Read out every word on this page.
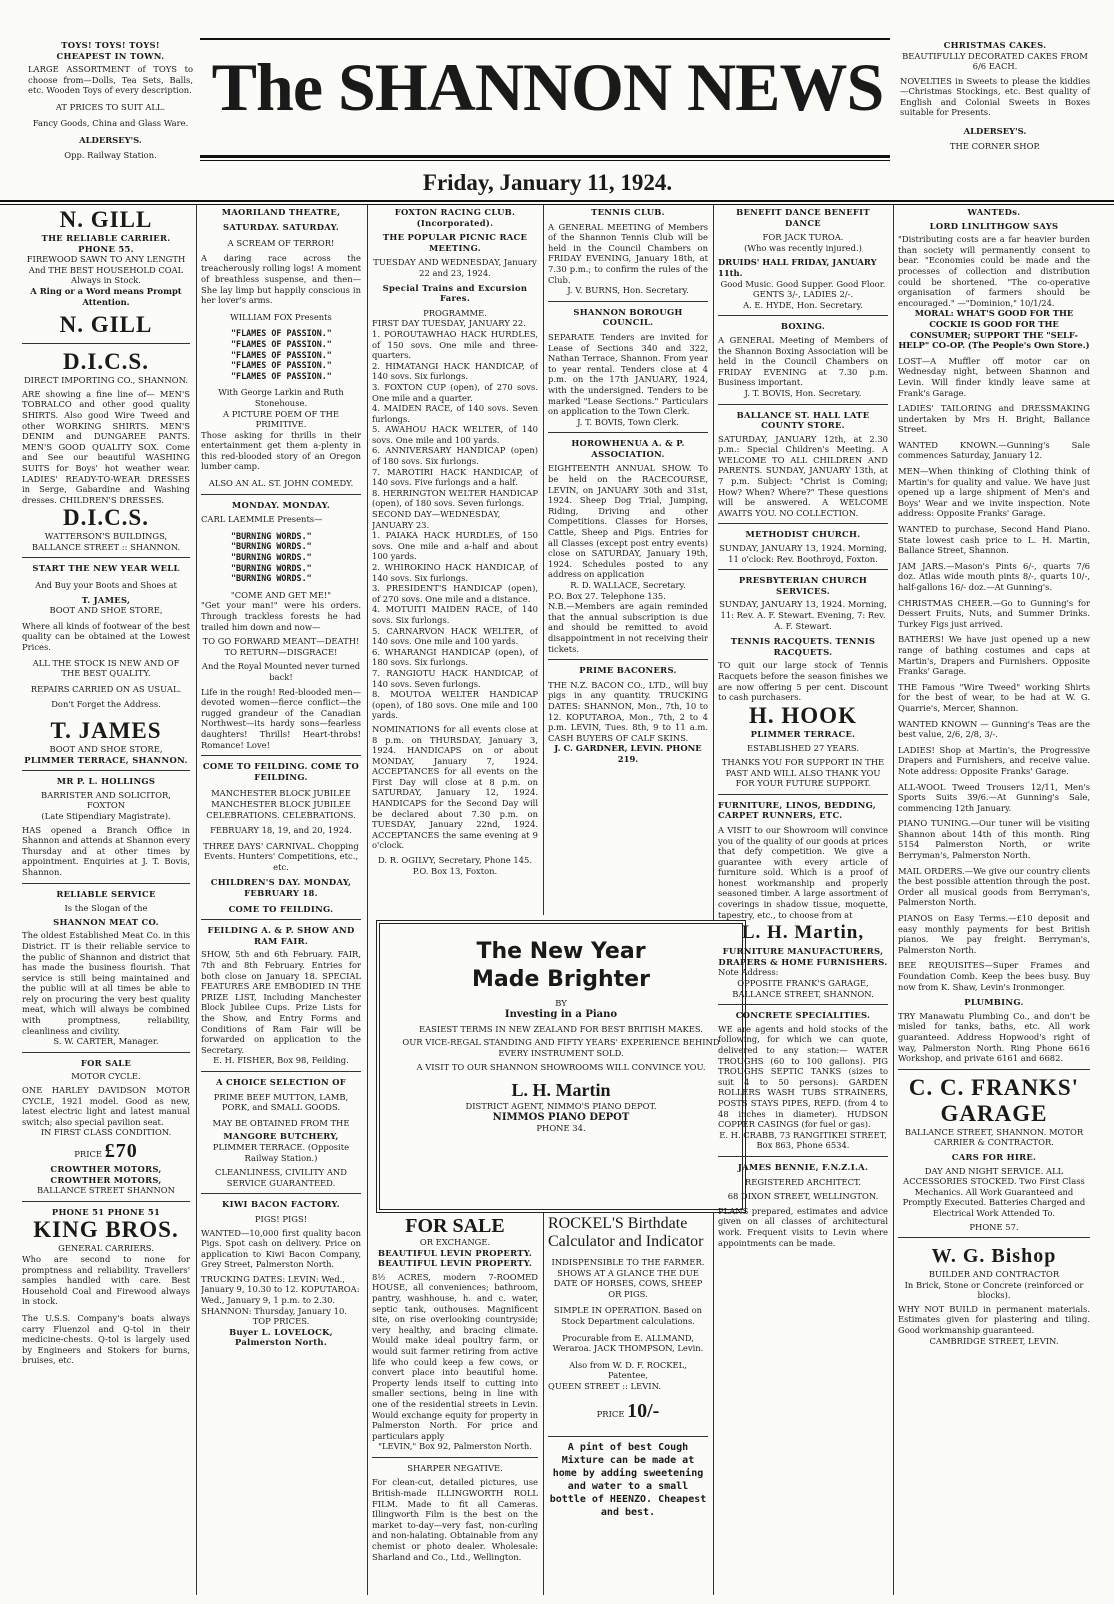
TOYS! TOYS! TOYS!
CHEAPEST IN TOWN.
LARGE ASSORTMENT of TOYS to choose from—Dolls, Tea Sets, Balls, etc. Wooden Toys of every description.
AT PRICES TO SUIT ALL.
Fancy Goods, China and Glass Ware.
ALDERSEY'S.
Opp. Railway Station.
The SHANNON NEWS
Friday, January 11, 1924.
CHRISTMAS CAKES.
BEAUTIFULLY DECORATED CAKES FROM 6/6 EACH.
NOVELTIES in Sweets to please the kiddies—Christmas Stockings, etc. Best quality of English and Colonial Sweets in Boxes suitable for Presents.
ALDERSEY'S.
THE CORNER SHOP.
N. GILL
THE RELIABLE CARRIER.
PHONE 55.
FIREWOOD SAWN TO ANY LENGTH And THE BEST HOUSEHOLD COAL Always in Stock.
A Ring or a Word means Prompt Attention.
N. GILL
D.I.C.S.
DIRECT IMPORTING CO., SHANNON.
ARE showing a fine line of— MEN'S TOBRALCO and other good quality SHIRTS. Also good Wire Tweed and other WORKING SHIRTS. MEN'S DENIM and DUNGAREE PANTS. MEN'S GOOD QUALITY SOX. Come and See our beautiful WASHING SUITS for Boys' hot weather wear. LADIES' READY-TO-WEAR DRESSES in Serge, Gabardine and Washing dresses. CHILDREN'S DRESSES.
D.I.C.S.
WATTERSON'S BUILDINGS, BALLANCE STREET :: SHANNON.
START THE NEW YEAR WELL
And Buy your Boots and Shoes at
T. JAMES,
BOOT AND SHOE STORE,
Where all kinds of footwear of the best quality can be obtained at the Lowest Prices.
ALL THE STOCK IS NEW AND OF THE BEST QUALITY.
REPAIRS CARRIED ON AS USUAL.
Don't Forget the Address.
T. JAMES
BOOT AND SHOE STORE,
PLIMMER TERRACE, SHANNON.
MR P. L. HOLLINGS
BARRISTER AND SOLICITOR, FOXTON
(Late Stipendiary Magistrate).
HAS opened a Branch Office in Shannon and attends at Shannon every Thursday and at other times by appointment. Enquiries at J. T. Bovis, Shannon.
RELIABLE SERVICE
Is the Slogan of the
SHANNON MEAT CO.
The oldest Established Meat Co. in this District. IT is their reliable service to the public of Shannon and district that has made the business flourish. That service is still being maintained and the public will at all times be able to rely on procuring the very best quality meat, which will always be combined with promptness, reliability, cleanliness and civility.
S. W. CARTER, Manager.
FOR SALE
MOTOR CYCLE.
ONE HARLEY DAVIDSON MOTOR CYCLE, 1921 model. Good as new, latest electric light and latest manual switch; also special pavilion seat.
IN FIRST CLASS CONDITION.
PRICE £70
CROWTHER MOTORS,
CROWTHER MOTORS,
BALLANCE STREET SHANNON
PHONE 51 PHONE 51
KING BROS.
GENERAL CARRIERS.
Who are second to none for promptness and reliability. Travellers' samples handled with care. Best Household Coal and Firewood always in stock.
The U.S.S. Company's boats always carry Fluenzol and Q-tol in their medicine-chests. Q-tol is largely used by Engineers and Stokers for burns, bruises, etc.
MAORILAND THEATRE,
SATURDAY. SATURDAY.
A SCREAM OF TERROR!
A daring race across the treacherously rolling logs! A moment of breathless suspense, and then— She lay limp but happily conscious in her lover's arms.
WILLIAM FOX Presents
"FLAMES OF PASSION."
"FLAMES OF PASSION."
"FLAMES OF PASSION."
"FLAMES OF PASSION."
"FLAMES OF PASSION."
With George Larkin and Ruth Stonehouse.
A PICTURE POEM OF THE PRIMITIVE.
Those asking for thrills in their entertainment get them a-plenty in this red-blooded story of an Oregon lumber camp.
ALSO AN AL. ST. JOHN COMEDY.
MONDAY. MONDAY.
CARL LAEMMLE Presents—
"BURNING WORDS."
"BURNING WORDS."
"BURNING WORDS."
"BURNING WORDS."
"BURNING WORDS."
"COME AND GET ME!"
"Get your man!" were his orders. Through trackless forests he had trailed him down and now—
TO GO FORWARD MEANT—DEATH! TO RETURN—DISGRACE!
And the Royal Mounted never turned back!
Life in the rough! Red-blooded men—devoted women—fierce conflict—the rugged grandeur of the Canadian Northwest—its hardy sons—fearless daughters! Thrills! Heart-throbs! Romance! Love!
COME TO FEILDING. COME TO FEILDING.
MANCHESTER BLOCK JUBILEE MANCHESTER BLOCK JUBILEE CELEBRATIONS. CELEBRATIONS.
FEBRUARY 18, 19, and 20, 1924.
THREE DAYS' CARNIVAL. Chopping Events. Hunters' Competitions, etc., etc.
CHILDREN'S DAY. MONDAY, FEBRUARY 18.
COME TO FEILDING.
FEILDING A. & P. SHOW AND RAM FAIR.
SHOW, 5th and 6th February. FAIR, 7th and 8th February. Entries for both close on January 18. SPECIAL FEATURES ARE EMBODIED IN THE PRIZE LIST, Including Manchester Block Jubilee Cups. Prize Lists for the Show, and Entry Forms and Conditions of Ram Fair will be forwarded on application to the Secretary.
E. H. FISHER, Box 98, Feilding.
A CHOICE SELECTION OF
PRIME BEEF MUTTON, LAMB, PORK, and SMALL GOODS.
MAY BE OBTAINED FROM THE
MANGORE BUTCHERY,
PLIMMER TERRACE. (Opposite Railway Station.)
CLEANLINESS, CIVILITY AND SERVICE GUARANTEED.
KIWI BACON FACTORY.
PIGS! PIGS!
WANTED—10,000 first quality bacon Pigs. Spot cash on delivery. Price on application to Kiwi Bacon Company, Grey Street, Palmerston North.
TRUCKING DATES: LEVIN: Wed., January 9, 10.30 to 12. KOPUTAROA: Wed., January 9, 1 p.m. to 2.30. SHANNON: Thursday, January 10.
TOP PRICES.
Buyer L. LOVELOCK, Palmerston North.
FOXTON RACING CLUB. (Incorporated).
THE POPULAR PICNIC RACE MEETING.
TUESDAY AND WEDNESDAY, January 22 and 23, 1924.
Special Trains and Excursion Fares.
PROGRAMME.
FIRST DAY TUESDAY, JANUARY 22.
1. POROUTAWHAO HACK HURDLES, of 150 sovs. One mile and three-quarters.
2. HIMATANGI HACK HANDICAP, of 140 sovs. Six furlongs.
3. FOXTON CUP (open), of 270 sovs. One mile and a quarter.
4. MAIDEN RACE, of 140 sovs. Seven furlongs.
5. AWAHOU HACK WELTER, of 140 sovs. One mile and 100 yards.
6. ANNIVERSARY HANDICAP (open) of 180 sovs. Six furlongs.
7. MAROTIRI HACK HANDICAP, of 140 sovs. Five furlongs and a half.
8. HERRINGTON WELTER HANDICAP (open), of 180 sovs. Seven furlongs.
SECOND DAY—WEDNESDAY, JANUARY 23.
1. PAIAKA HACK HURDLES, of 150 sovs. One mile and a-half and about 100 yards.
2. WHIROKINO HACK HANDICAP, of 140 sovs. Six furlongs.
3. PRESIDENT'S HANDICAP (open), of 270 sovs. One mile and a distance.
4. MOTUITI MAIDEN RACE, of 140 sovs. Six furlongs.
5. CARNARVON HACK WELTER, of 140 sovs. One mile and 100 yards.
6. WHARANGI HANDICAP (open), of 180 sovs. Six furlongs.
7. RANGIOTU HACK HANDICAP, of 140 sovs. Seven furlongs.
8. MOUTOA WELTER HANDICAP (open), of 180 sovs. One mile and 100 yards.
NOMINATIONS for all events close at 8 p.m. on THURSDAY, January 3, 1924. HANDICAPS on or about MONDAY, January 7, 1924. ACCEPTANCES for all events on the First Day will close at 8 p.m. on SATURDAY, January 12, 1924. HANDICAPS for the Second Day will be declared about 7.30 p.m. on TUESDAY, January 22nd, 1924. ACCEPTANCES the same evening at 9 o'clock.
D. R. OGILVY, Secretary, Phone 145. P.O. Box 13, Foxton.
TENNIS CLUB.
A GENERAL MEETING of Members of the Shannon Tennis Club will be held in the Council Chambers on FRIDAY EVENING, January 18th, at 7.30 p.m.; to confirm the rules of the Club.
J. V. BURNS, Hon. Secretary.
SHANNON BOROUGH COUNCIL.
SEPARATE Tenders are invited for Lease of Sections 340 and 322, Nathan Terrace, Shannon. From year to year rental. Tenders close at 4 p.m. on the 17th JANUARY, 1924, with the undersigned. Tenders to be marked "Lease Sections." Particulars on application to the Town Clerk.
J. T. BOVIS, Town Clerk.
HOROWHENUA A. & P. ASSOCIATION.
EIGHTEENTH ANNUAL SHOW. To be held on the RACECOURSE, LEVIN, on JANUARY 30th and 31st, 1924. Sheep Dog Trial, Jumping, Riding, Driving and other Competitions. Classes for Horses, Cattle, Sheep and Pigs. Entries for all Classes (except post entry events) close on SATURDAY, January 19th, 1924. Schedules posted to any address on application
R. D. WALLACE, Secretary.
P.O. Box 27. Telephone 135.
N.B.—Members are again reminded that the annual subscription is due and should be remitted to avoid disappointment in not receiving their tickets.
PRIME BACONERS.
THE N.Z. BACON CO., LTD., will buy pigs in any quantity. TRUCKING DATES: SHANNON, Mon., 7th, 10 to 12. KOPUTAROA, Mon., 7th, 2 to 4 p.m. LEVIN, Tues. 8th, 9 to 11 a.m. CASH BUYERS OF CALF SKINS.
J. C. GARDNER, LEVIN. PHONE 219.
The New Year
Made Brighter
BY
Investing in a Piano
EASIEST TERMS IN NEW ZEALAND FOR BEST BRITISH MAKES.
OUR VICE-REGAL STANDING AND FIFTY YEARS' EXPERIENCE BEHIND EVERY INSTRUMENT SOLD.
A VISIT TO OUR SHANNON SHOWROOMS WILL CONVINCE YOU.
L. H. Martin
DISTRICT AGENT, NIMMO'S PIANO DEPOT.
NIMMOS PIANO DEPOT
PHONE 34.
FOR SALE
OR EXCHANGE.
BEAUTIFUL LEVIN PROPERTY. BEAUTIFUL LEVIN PROPERTY.
8½ ACRES, modern 7-ROOMED HOUSE, all conveniences; bathroom, pantry, washhouse, h. and c. water, septic tank, outhouses. Magnificent site, on rise overlooking countryside; very healthy, and bracing climate. Would make ideal poultry farm, or would suit farmer retiring from active life who could keep a few cows, or convert place into beautiful home. Property lends itself to cutting into smaller sections, being in line with one of the residential streets in Levin. Would exchange equity for property in Palmerston North. For price and particulars apply
"LEVIN," Box 92, Palmerston North.
SHARPER NEGATIVE.
For clean-cut, detailed pictures, use British-made ILLINGWORTH ROLL FILM. Made to fit all Cameras. Illingworth Film is the best on the market to-day—very fast, non-curling and non-halating. Obtainable from any chemist or photo dealer. Wholesale: Sharland and Co., Ltd., Wellington.
ROCKEL'S Birthdate Calculator and Indicator
INDISPENSIBLE TO THE FARMER. SHOWS AT A GLANCE THE DUE DATE OF HORSES, COWS, SHEEP OR PIGS.
SIMPLE IN OPERATION. Based on Stock Department calculations.
Procurable from E. ALLMAND, Weraroa. JACK THOMPSON, Levin.
Also from W. D. F. ROCKEL, Patentee,
QUEEN STREET :: LEVIN.
PRICE 10/-
A pint of best Cough Mixture can be made at home by adding sweetening and water to a small bottle of HEENZO. Cheapest and best.
BENEFIT DANCE BENEFIT DANCE
FOR JACK TUROA.
(Who was recently injured.)
DRUIDS' HALL FRIDAY, JANUARY 11th.
Good Music. Good Supper. Good Floor. GENTS 3/-, LADIES 2/-.
A. E. HYDE, Hon. Secretary.
BOXING.
A GENERAL Meeting of Members of the Shannon Boxing Association will be held in the Council Chambers on FRIDAY EVENING at 7.30 p.m. Business important.
J. T. BOVIS, Hon. Secretary.
BALLANCE ST. HALL LATE COUNTY STORE.
SATURDAY, JANUARY 12th, at 2.30 p.m.: Special Children's Meeting. A WELCOME TO ALL CHILDREN AND PARENTS. SUNDAY, JANUARY 13th, at 7 p.m. Subject: "Christ is Coming; How? When? Where?" These questions will be answered. A WELCOME AWAITS YOU. NO COLLECTION.
METHODIST CHURCH.
SUNDAY, JANUARY 13, 1924. Morning, 11 o'clock: Rev. Boothroyd, Foxton.
PRESBYTERIAN CHURCH SERVICES.
SUNDAY, JANUARY 13, 1924. Morning, 11: Rev. A. F. Stewart. Evening, 7: Rev. A. F. Stewart.
TENNIS RACQUETS. TENNIS RACQUETS.
TO quit our large stock of Tennis Racquets before the season finishes we are now offering 5 per cent. Discount to cash purchasers.
H. HOOK
PLIMMER TERRACE.
ESTABLISHED 27 YEARS.
THANKS YOU FOR SUPPORT IN THE PAST AND WILL ALSO THANK YOU FOR YOUR FUTURE SUPPORT.
FURNITURE, LINOS, BEDDING, CARPET RUNNERS, ETC.
A VISIT to our Showroom will convince you of the quality of our goods at prices that defy competition. We give a guarantee with every article of furniture sold. Which is a proof of honest workmanship and properly seasoned timber. A large assortment of coverings in shadow tissue, moquette, tapestry, etc., to choose from at
L. H. Martin,
FURNITURE MANUFACTURERS, DRAPERS & HOME FURNISHERS.
Note Address:
OPPOSITE FRANK'S GARAGE, BALLANCE STREET, SHANNON.
CONCRETE SPECIALITIES.
WE are agents and hold stocks of the following, for which we can quote, delivered to any station:— WATER TROUGHS (60 to 100 gallons). PIG TROUGHS SEPTIC TANKS (sizes to suit 4 to 50 persons). GARDEN ROLLERS WASH TUBS STRAINERS, POSTS STAYS PIPES, REFD. (from 4 to 48 inches in diameter). HUDSON COPPER CASINGS (for fuel or gas).
E. H. CRABB, 73 RANGITIKEI STREET, Box 863, Phone 6534.
JAMES BENNIE, F.N.Z.I.A.
REGISTERED ARCHITECT.
68 DIXON STREET, WELLINGTON.
PLANS prepared, estimates and advice given on all classes of architectural work. Frequent visits to Levin where appointments can be made.
WANTEDs.
LORD LINLITHGOW SAYS
"Distributing costs are a far heavier burden than society will permanently consent to bear. "Economies could be made and the processes of collection and distribution could be shortened. "The co-operative organisation of farmers should be encouraged." —"Dominion," 10/1/24.
MORAL: WHAT'S GOOD FOR THE COCKIE IS GOOD FOR THE CONSUMER; SUPPORT THE "SELF-HELP" CO-OP. (The People's Own Store.)
LOST—A Muffler off motor car on Wednesday night, between Shannon and Levin. Will finder kindly leave same at Frank's Garage.
LADIES' TAILORING and DRESSMAKING undertaken by Mrs H. Bright, Ballance Street.
WANTED KNOWN.—Gunning's Sale commences Saturday, January 12.
MEN—When thinking of Clothing think of Martin's for quality and value. We have just opened up a large shipment of Men's and Boys' Wear and we invite inspection. Note address: Opposite Franks' Garage.
WANTED to purchase, Second Hand Piano. State lowest cash price to L. H. Martin, Ballance Street, Shannon.
JAM JARS.—Mason's Pints 6/-, quarts 7/6 doz. Atlas wide mouth pints 8/-, quarts 10/-, half-gallons 16/- doz.—At Gunning's.
CHRISTMAS CHEER.—Go to Gunning's for Dessert Fruits, Nuts, and Summer Drinks. Turkey Figs just arrived.
BATHERS! We have just opened up a new range of bathing costumes and caps at Martin's, Drapers and Furnishers. Opposite Franks' Garage.
THE Famous "Wire Tweed" working Shirts for the best of wear, to be had at W. G. Quarrie's, Mercer, Shannon.
WANTED KNOWN — Gunning's Teas are the best value, 2/6, 2/8, 3/-.
LADIES! Shop at Martin's, the Progressive Drapers and Furnishers, and receive value. Note address: Opposite Franks' Garage.
ALL-WOOL Tweed Trousers 12/11, Men's Sports Suits 39/6.—At Gunning's Sale, commencing 12th January.
PIANO TUNING.—Our tuner will be visiting Shannon about 14th of this month. Ring 5154 Palmerston North, or write Berryman's, Palmerston North.
MAIL ORDERS.—We give our country clients the best possible attention through the post. Order all musical goods from Berryman's, Palmerston North.
PIANOS on Easy Terms.—£10 deposit and easy monthly payments for best British pianos. We pay freight. Berryman's, Palmerston North.
BEE REQUISITES—Super Frames and Foundation Comb. Keep the bees busy. Buy now from K. Shaw, Levin's Ironmonger.
PLUMBING.
TRY Manawatu Plumbing Co., and don't be misled for tanks, baths, etc. All work guaranteed. Address Hopwood's right of way, Palmerston North. Ring Phone 6616 Workshop, and private 6161 and 6682.
C. C. FRANKS'
GARAGE
BALLANCE STREET, SHANNON. MOTOR CARRIER & CONTRACTOR.
CARS FOR HIRE.
DAY AND NIGHT SERVICE. ALL ACCESSORIES STOCKED. Two First Class Mechanics. All Work Guaranteed and Promptly Executed. Batteries Charged and Electrical Work Attended To.
PHONE 57.
W. G. Bishop
BUILDER AND CONTRACTOR
In Brick, Stone or Concrete (reinforced or blocks).
WHY NOT BUILD in permanent materials. Estimates given for plastering and tiling. Good workmanship guaranteed.
CAMBRIDGE STREET, LEVIN.
